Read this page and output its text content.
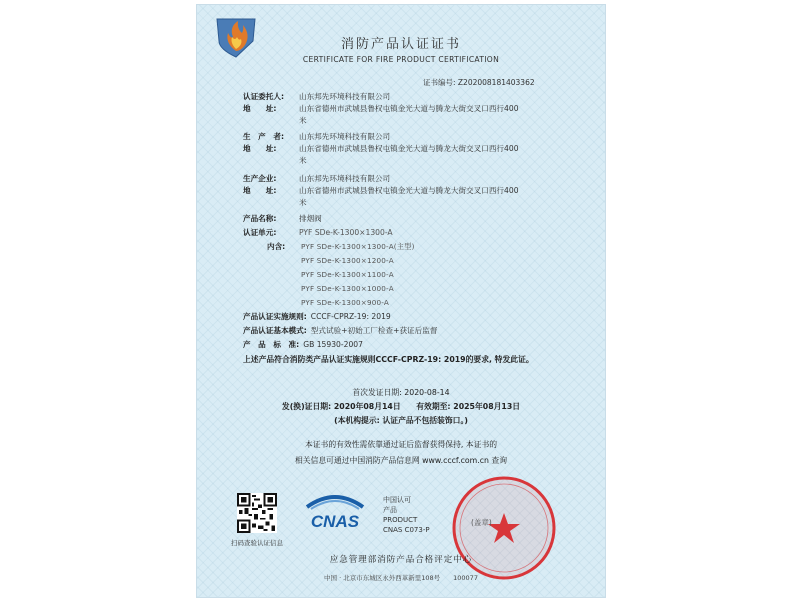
消防产品认证证书
CERTIFICATE FOR FIRE PRODUCT CERTIFICATION
证书编号: Z202008181403362
认证委托人: 山东邦先环境科技有限公司
地　　址:	山东省德州市武城县鲁权屯镇金光大道与腾龙大街交叉口西行400
米
生　产　者: 山东邦先环境科技有限公司
地　　址:	山东省德州市武城县鲁权屯镇金光大道与腾龙大街交叉口西行400
米
生产企业:	山东邦先环境科技有限公司
地　　址:	山东省德州市武城县鲁权屯镇金光大道与腾龙大街交叉口西行400
米
产品名称:	排烟阀
认证单元:	PYF SDe-K-1300×1300-A
内含:	PYF SDe-K-1300×1300-A(主型)
PYF SDe-K-1300×1200-A
PYF SDe-K-1300×1100-A
PYF SDe-K-1300×1000-A
PYF SDe-K-1300×900-A
产品认证实施规则: CCCF-CPRZ-19: 2019
产品认证基本模式: 型式试验+初始工厂检查+获证后监督
产　品　标　准: GB 15930-2007
上述产品符合消防类产品认证实施规则CCCF-CPRZ-19: 2019的要求, 特发此证。
首次发证日期: 2020-08-14
发(换)证日期: 2020年08月14日　　有效期至: 2025年08月13日
(本机构提示: 认证产品不包括装饰口。)
本证书的有效性需依靠通过证后监督获得保持, 本证书的
相关信息可通过中国消防产品信息网 www.cccf.com.cn 查询
扫码查验认证信息
CNAS
中国认可
产品
PRODUCT
CNAS C073-P
(盖章)
应急管理部消防产品合格评定中心
中国 · 北京市东城区永外西革新里108号　　100077
